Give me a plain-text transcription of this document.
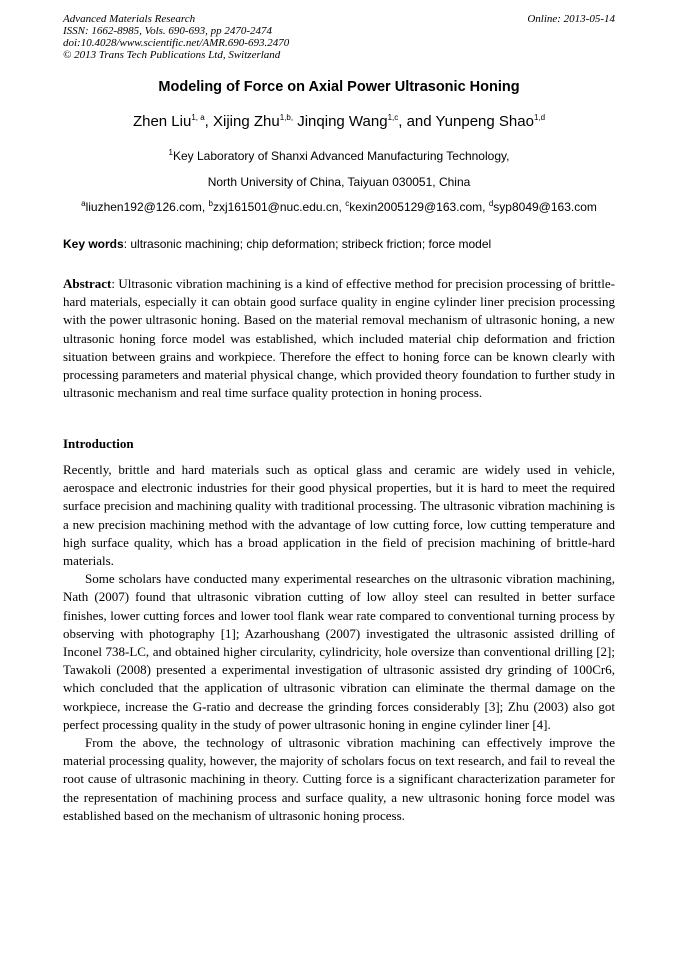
Advanced Materials Research
ISSN: 1662-8985, Vols. 690-693, pp 2470-2474
doi:10.4028/www.scientific.net/AMR.690-693.2470
© 2013 Trans Tech Publications Ltd, Switzerland
Online: 2013-05-14
Modeling of Force on Axial Power Ultrasonic Honing
Zhen Liu$^{1, a}$, Xijing Zhu$^{1,b,}$ Jinqing Wang$^{1,c}$, and Yunpeng Shao$^{1,d}$
$^1$Key Laboratory of Shanxi Advanced Manufacturing Technology,
North University of China, Taiyuan 030051, China
$^a$liuzhen192@126.com, $^b$zxj161501@nuc.edu.cn, $^c$kexin2005129@163.com, $^d$syp8049@163.com
Key words: ultrasonic machining; chip deformation; stribeck friction; force model
Abstract: Ultrasonic vibration machining is a kind of effective method for precision processing of brittle-hard materials, especially it can obtain good surface quality in engine cylinder liner precision processing with the power ultrasonic honing. Based on the material removal mechanism of ultrasonic honing, a new ultrasonic honing force model was established, which included material chip deformation and friction situation between grains and workpiece. Therefore the effect to honing force can be known clearly with processing parameters and material physical change, which provided theory foundation to further study in ultrasonic mechanism and real time surface quality protection in honing process.
Introduction

Recently, brittle and hard materials such as optical glass and ceramic are widely used in vehicle, aerospace and electronic industries for their good physical properties, but it is hard to meet the required surface precision and machining quality with traditional processing. The ultrasonic vibration machining is a new precision machining method with the advantage of low cutting force, low cutting temperature and high surface quality, which has a broad application in the field of precision machining of brittle-hard materials.

Some scholars have conducted many experimental researches on the ultrasonic vibration machining, Nath (2007) found that ultrasonic vibration cutting of low alloy steel can resulted in better surface finishes, lower cutting forces and lower tool flank wear rate compared to conventional turning process by observing with photography [1]; Azarhoushang (2007) investigated the ultrasonic assisted drilling of Inconel 738-LC, and obtained higher circularity, cylindricity, hole oversize than conventional drilling [2]; Tawakoli (2008) presented a experimental investigation of ultrasonic assisted dry grinding of 100Cr6, which concluded that the application of ultrasonic vibration can eliminate the thermal damage on the workpiece, increase the G-ratio and decrease the grinding forces considerably [3]; Zhu (2003) also got perfect processing quality in the study of power ultrasonic honing in engine cylinder liner [4].

From the above, the technology of ultrasonic vibration machining can effectively improve the material processing quality, however, the majority of scholars focus on text research, and fail to reveal the root cause of ultrasonic machining in theory. Cutting force is a significant characterization parameter for the representation of machining process and surface quality, a new ultrasonic honing force model was established based on the mechanism of ultrasonic honing process.
